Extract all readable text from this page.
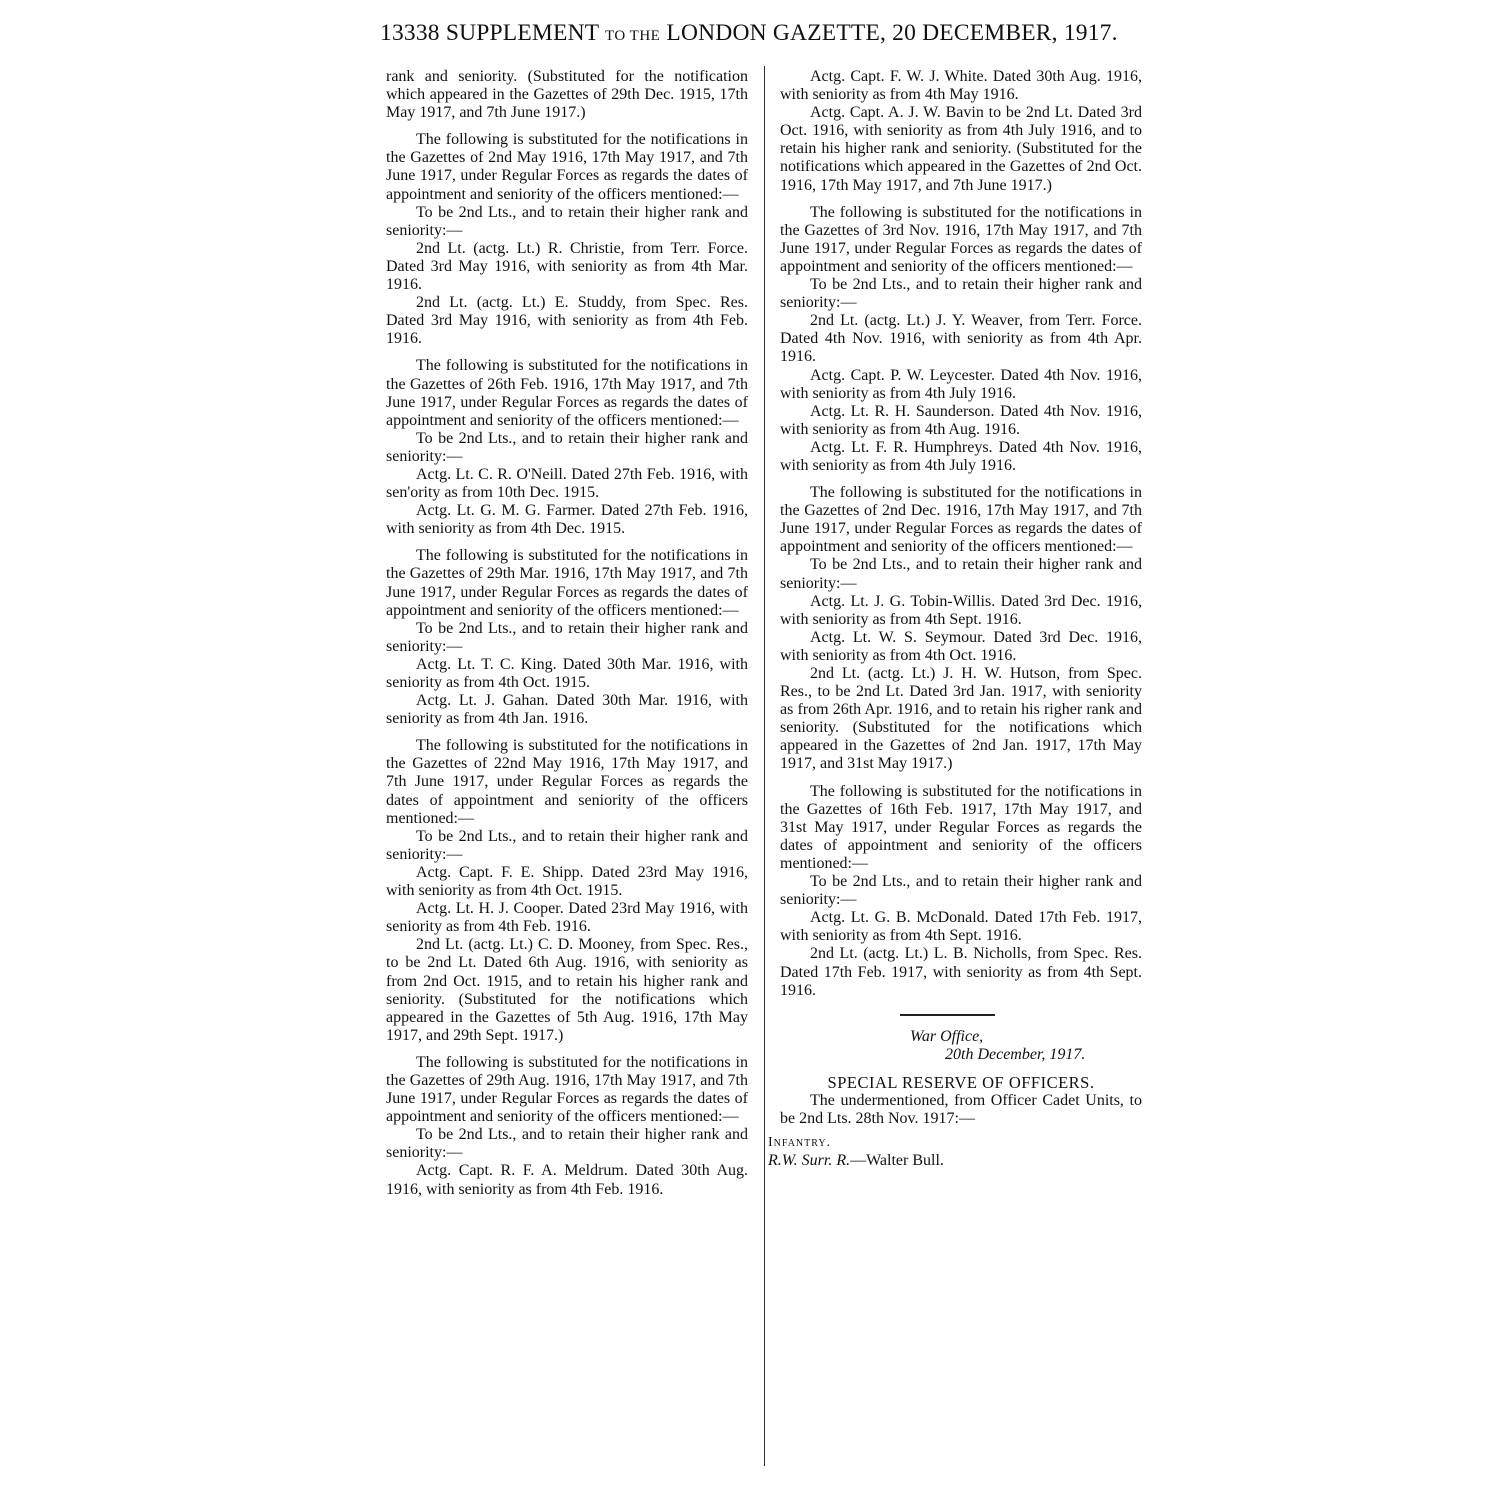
13338 SUPPLEMENT TO THE LONDON GAZETTE, 20 DECEMBER, 1917.

rank and seniority. (Substituted for the notification which appeared in the Gazettes of 29th Dec. 1915, 17th May 1917, and 7th June 1917.)

The following is substituted for the notifications in the Gazettes of 2nd May 1916, 17th May 1917, and 7th June 1917, under Regular Forces as regards the dates of appointment and seniority of the officers mentioned:—

To be 2nd Lts., and to retain their higher rank and seniority:—

2nd Lt. (actg. Lt.) R. Christie, from Terr. Force. Dated 3rd May 1916, with seniority as from 4th Mar. 1916.

2nd Lt. (actg. Lt.) E. Studdy, from Spec. Res. Dated 3rd May 1916, with seniority as from 4th Feb. 1916.

The following is substituted for the notifications in the Gazettes of 26th Feb. 1916, 17th May 1917, and 7th June 1917, under Regular Forces as regards the dates of appointment and seniority of the officers mentioned:—

To be 2nd Lts., and to retain their higher rank and seniority:—

Actg. Lt. C. R. O'Neill. Dated 27th Feb. 1916, with sen'ority as from 10th Dec. 1915.

Actg. Lt. G. M. G. Farmer. Dated 27th Feb. 1916, with seniority as from 4th Dec. 1915.

The following is substituted for the notifications in the Gazettes of 29th Mar. 1916, 17th May 1917, and 7th June 1917, under Regular Forces as regards the dates of appointment and seniority of the officers mentioned:—

To be 2nd Lts., and to retain their higher rank and seniority:—

Actg. Lt. T. C. King. Dated 30th Mar. 1916, with seniority as from 4th Oct. 1915.

Actg. Lt. J. Gahan. Dated 30th Mar. 1916, with seniority as from 4th Jan. 1916.

The following is substituted for the notifications in the Gazettes of 22nd May 1916, 17th May 1917, and 7th June 1917, under Regular Forces as regards the dates of appointment and seniority of the officers mentioned:—

To be 2nd Lts., and to retain their higher rank and seniority:—

Actg. Capt. F. E. Shipp. Dated 23rd May 1916, with seniority as from 4th Oct. 1915.

Actg. Lt. H. J. Cooper. Dated 23rd May 1916, with seniority as from 4th Feb. 1916.

2nd Lt. (actg. Lt.) C. D. Mooney, from Spec. Res., to be 2nd Lt. Dated 6th Aug. 1916, with seniority as from 2nd Oct. 1915, and to retain his higher rank and seniority. (Substituted for the notifications which appeared in the Gazettes of 5th Aug. 1916, 17th May 1917, and 29th Sept. 1917.)

The following is substituted for the notifications in the Gazettes of 29th Aug. 1916, 17th May 1917, and 7th June 1917, under Regular Forces as regards the dates of appointment and seniority of the officers mentioned:—

To be 2nd Lts., and to retain their higher rank and seniority:—

Actg. Capt. R. F. A. Meldrum. Dated 30th Aug. 1916, with seniority as from 4th Feb. 1916.

Actg. Capt. F. W. J. White. Dated 30th Aug. 1916, with seniority as from 4th May 1916.

Actg. Capt. A. J. W. Bavin to be 2nd Lt. Dated 3rd Oct. 1916, with seniority as from 4th July 1916, and to retain his higher rank and seniority. (Substituted for the notifications which appeared in the Gazettes of 2nd Oct. 1916, 17th May 1917, and 7th June 1917.)

The following is substituted for the notifications in the Gazettes of 3rd Nov. 1916, 17th May 1917, and 7th June 1917, under Regular Forces as regards the dates of appointment and seniority of the officers mentioned:—

To be 2nd Lts., and to retain their higher rank and seniority:—

2nd Lt. (actg. Lt.) J. Y. Weaver, from Terr. Force. Dated 4th Nov. 1916, with seniority as from 4th Apr. 1916.

Actg. Capt. P. W. Leycester. Dated 4th Nov. 1916, with seniority as from 4th July 1916.

Actg. Lt. R. H. Saunderson. Dated 4th Nov. 1916, with seniority as from 4th Aug. 1916.

Actg. Lt. F. R. Humphreys. Dated 4th Nov. 1916, with seniority as from 4th July 1916.

The following is substituted for the notifications in the Gazettes of 2nd Dec. 1916, 17th May 1917, and 7th June 1917, under Regular Forces as regards the dates of appointment and seniority of the officers mentioned:—

To be 2nd Lts., and to retain their higher rank and seniority:—

Actg. Lt. J. G. Tobin-Willis. Dated 3rd Dec. 1916, with seniority as from 4th Sept. 1916.

Actg. Lt. W. S. Seymour. Dated 3rd Dec. 1916, with seniority as from 4th Oct. 1916.

2nd Lt. (actg. Lt.) J. H. W. Hutson, from Spec. Res., to be 2nd Lt. Dated 3rd Jan. 1917, with seniority as from 26th Apr. 1916, and to retain his righer rank and seniority. (Substituted for the notifications which appeared in the Gazettes of 2nd Jan. 1917, 17th May 1917, and 31st May 1917.)

The following is substituted for the notifications in the Gazettes of 16th Feb. 1917, 17th May 1917, and 31st May 1917, under Regular Forces as regards the dates of appointment and seniority of the officers mentioned:—

To be 2nd Lts., and to retain their higher rank and seniority:—

Actg. Lt. G. B. McDonald. Dated 17th Feb. 1917, with seniority as from 4th Sept. 1916.

2nd Lt. (actg. Lt.) L. B. Nicholls, from Spec. Res. Dated 17th Feb. 1917, with seniority as from 4th Sept. 1916.

War Office,

20th December, 1917.

SPECIAL RESERVE OF OFFICERS.

The undermentioned, from Officer Cadet Units, to be 2nd Lts. 28th Nov. 1917:—

Infantry.

R.W. Surr. R.—Walter Bull.
